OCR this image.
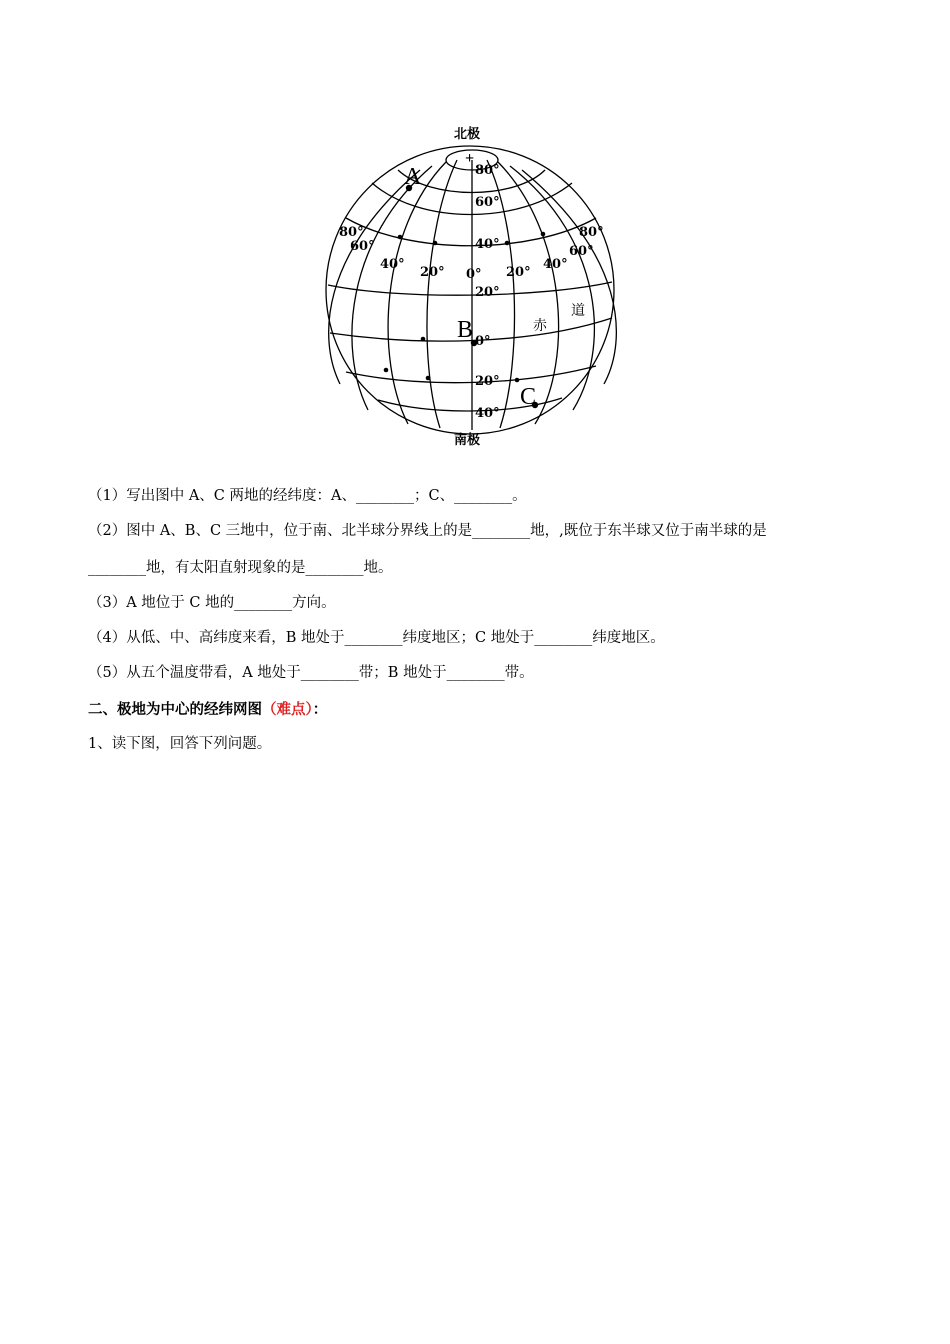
+
北极
南极
A
B
C
80°
60°
40°
20°
0°
20°
40°
80°
60°
80°
60°
40°
20° 0° 20°
40°
赤
道
（1）写出图中 A、C 两地的经纬度：A、________；C、________。
（2）图中 A、B、C 三地中，位于南、北半球分界线上的是________地，,既位于东半球又位于南半球的是
________地，有太阳直射现象的是________地。
（3）A 地位于 C 地的________方向。
（4）从低、中、高纬度来看，B 地处于________纬度地区；C 地处于________纬度地区。
（5）从五个温度带看，A 地处于________带；B 地处于________带。
二、极地为中心的经纬网图（难点）：
1、读下图，回答下列问题。
